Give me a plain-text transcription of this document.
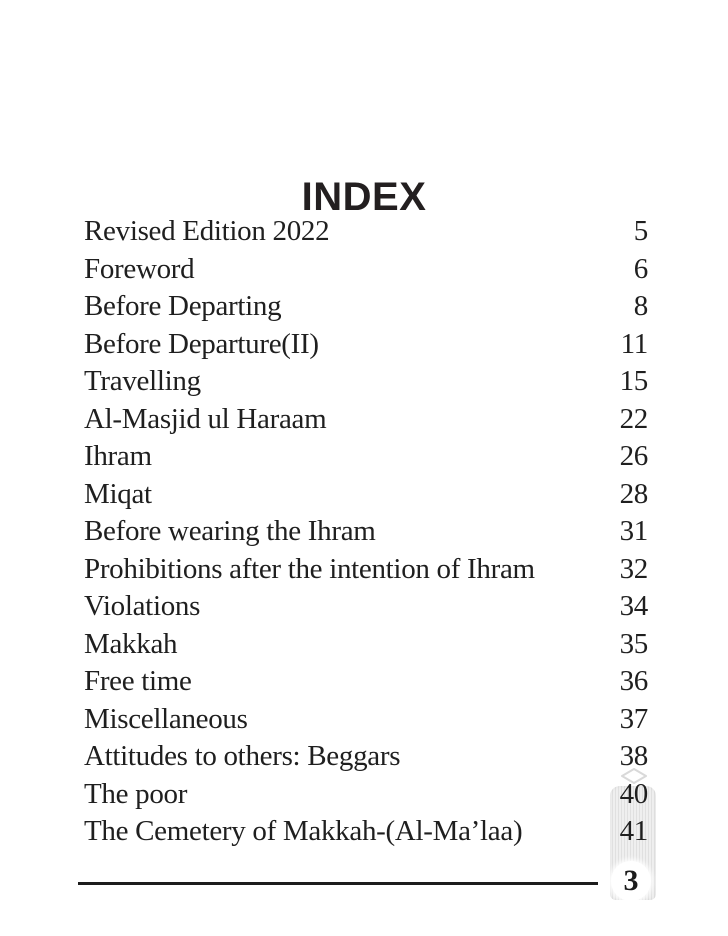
INDEX
Revised Edition 2022	5
Foreword	6
Before Departing	8
Before Departure(II)	11
Travelling	15
Al-Masjid ul Haraam	22
Ihram	26
Miqat	28
Before wearing the Ihram	31
Prohibitions after the intention of Ihram	32
Violations	34
Makkah	35
Free time	36
Miscellaneous	37
Attitudes to others: Beggars	38
The poor	40
The Cemetery of Makkah-(Al-Ma’laa)	41
3
